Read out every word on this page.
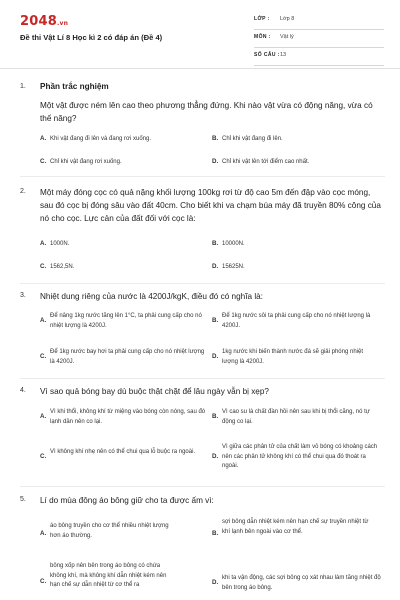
2048.vn
Đề thi Vật Lí 8 Học kì 2 có đáp án (Đề 4)
LỚP : Lớp 8
MÔN : Vật lý
SỐ CÂU : 13
1. Phần trắc nghiệm
Một vật được ném lên cao theo phương thẳng đứng. Khi nào vật vừa có động năng, vừa có thế năng?
A. Khi vật đang đi lên và đang rơi xuống.	B. Chỉ khi vật đang đi lên.
C. Chỉ khi vật đang rơi xuống.	D. Chỉ khi vật lên tới điểm cao nhất.
2. Một máy đóng cọc có quả nặng khối lượng 100kg rơi từ độ cao 5m đến đập vào cọc móng, sau đó cọc bị đóng sâu vào đất 40cm. Cho biết khi va chạm búa máy đã truyền 80% công của nó cho cọc. Lực cản của đất đối với cọc là:
A. 1000N.	B. 10000N.
C. 1562,5N.	D. 15625N.
3. Nhiệt dung riêng của nước là 4200J/kgK, điều đó có nghĩa là:
A.
Để nâng 1kg nước tăng lên 1°C, ta phải cung cấp cho nó nhiệt lượng là 4200J.
B.
Để 1kg nước sôi ta phải cung cấp cho nó nhiệt lượng là 4200J.
C.
Để 1kg nước bay hơi ta phải cung cấp cho nó nhiệt lượng là 4200J.
D.
1kg nước khi biến thành nước đá sẽ giải phóng nhiệt lượng là 4200J.
4. Vì sao quả bóng bay dù buộc thật chặt để lâu ngày vẫn bị xẹp?
A.
Vì khi thổi, không khí từ miệng vào bóng còn nóng, sau đó lạnh dần nên co lại.
B.
Vì cao su là chất đàn hồi nên sau khi bị thổi căng, nó tự động co lại.
C.
Vì không khí nhẹ nên có thể chui qua lỗ buộc ra ngoài.
D.
Vì giữa các phân tử của chất làm vỏ bóng có khoảng cách nên các phân tử không khí có thể chui qua đó thoát ra ngoài.
5. Lí do mùa đông áo bông giữ cho ta được ấm vì:
A.
áo bông truyền cho cơ thể nhiều nhiệt lượng hơn áo thường.	B.
sợi bông dẫn nhiệt kém nên hạn chế sự truyền nhiệt từ khí lạnh bên ngoài vào cơ thể.
C.
bông xốp nên bên trong áo bông có chứa không khí, mà không khí dẫn nhiệt kém nên hạn chế sự dẫn nhiệt từ cơ thể ra	D.
khi ta vận động, các sợi bông cọ xát nhau làm tăng nhiệt độ bên trong áo bông.
